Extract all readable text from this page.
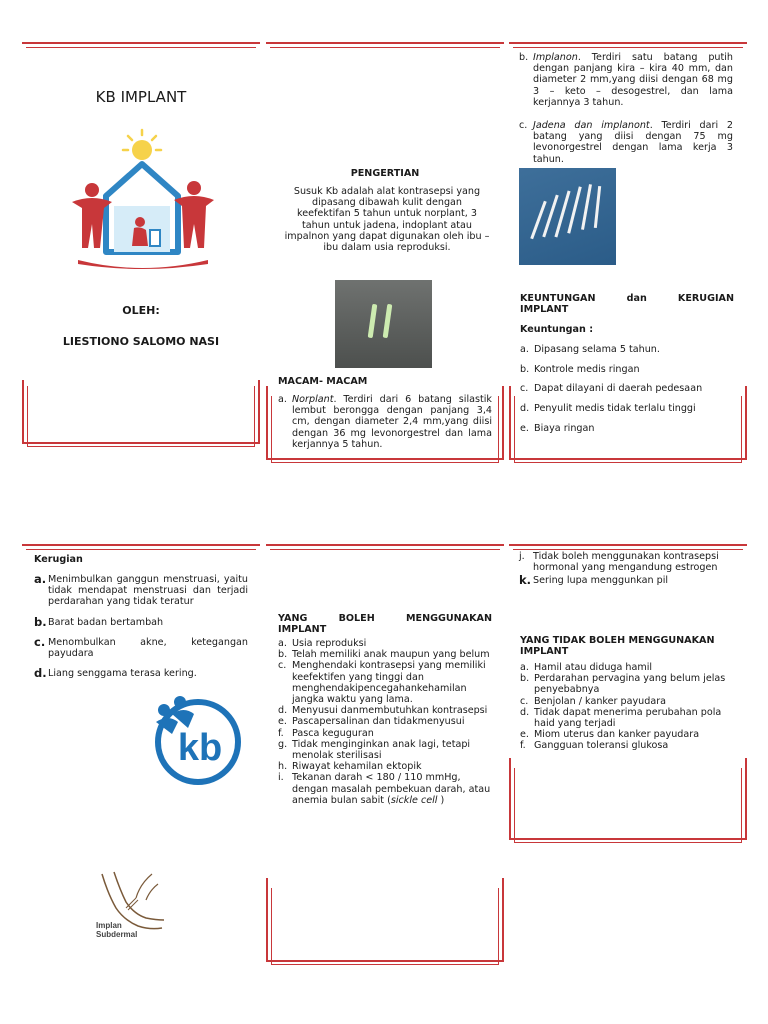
KB IMPLANT
OLEH:
LIESTIONO SALOMO NASI
PENGERTIAN
Susuk Kb adalah alat kontrasepsi yang dipasang dibawah kulit dengan keefektifan 5 tahun untuk norplant, 3 tahun untuk jadena, indoplant atau impalnon yang dapat digunakan oleh ibu – ibu dalam usia reproduksi.
MACAM- MACAM
a. Norplant. Terdiri dari 6 batang silastik lembut berongga dengan panjang 3,4 cm, dengan diameter 2,4 mm,yang diisi dengan 36 mg levonorgestrel dan lama kerjannya 5 tahun.
b. Implanon. Terdiri satu batang putih dengan panjang kira – kira 40 mm, dan diameter 2 mm,yang diisi dengan 68 mg 3 – keto – desogestrel, dan lama kerjannya 3 tahun.
c. Jadena dan implanont. Terdiri dari 2 batang yang diisi dengan 75 mg levonorgestrel dengan lama kerja 3 tahun.
KEUNTUNGAN	dan	KERUGIAN
IMPLANT
Keuntungan :
a. Dipasang selama 5 tahun.
b. Kontrole medis ringan
c. Dapat dilayani di daerah pedesaan
d. Penyulit medis tidak terlalu tinggi
e. Biaya ringan
Kerugian
a. Menimbulkan ganggun menstruasi, yaitu tidak mendapat menstruasi dan terjadi perdarahan yang tidak teratur
b. Barat badan bertambah
c. Menombulkan akne, ketegangan payudara
d. Liang senggama terasa kering.
kb
Implan
Subdermal
YANG	BOLEH	MENGGUNAKAN
IMPLANT
a. Usia reproduksi
b. Telah memiliki anak maupun yang belum
c. Menghendaki kontrasepsi yang memiliki keefektifen yang tinggi dan menghendakipencegahankehamilan jangka waktu yang lama.
d. Menyusui danmembutuhkan kontrasepsi
e. Pascapersalinan dan tidakmenyusui
f. Pasca keguguran
g. Tidak menginginkan anak lagi, tetapi menolak sterilisasi
h. Riwayat kehamilan ektopik
i. Tekanan darah < 180 / 110 mmHg, dengan masalah pembekuan darah, atau anemia bulan sabit (sickle cell )
j. Tidak boleh menggunakan kontrasepsi hormonal yang mengandung estrogen
k. Sering lupa menggunkan pil
YANG TIDAK BOLEH MENGGUNAKAN
IMPLANT
a. Hamil atau diduga hamil
b. Perdarahan pervagina yang belum jelas penyebabnya
c. Benjolan / kanker payudara
d. Tidak dapat menerima perubahan pola haid yang terjadi
e. Miom uterus dan kanker payudara
f. Gangguan toleransi glukosa
